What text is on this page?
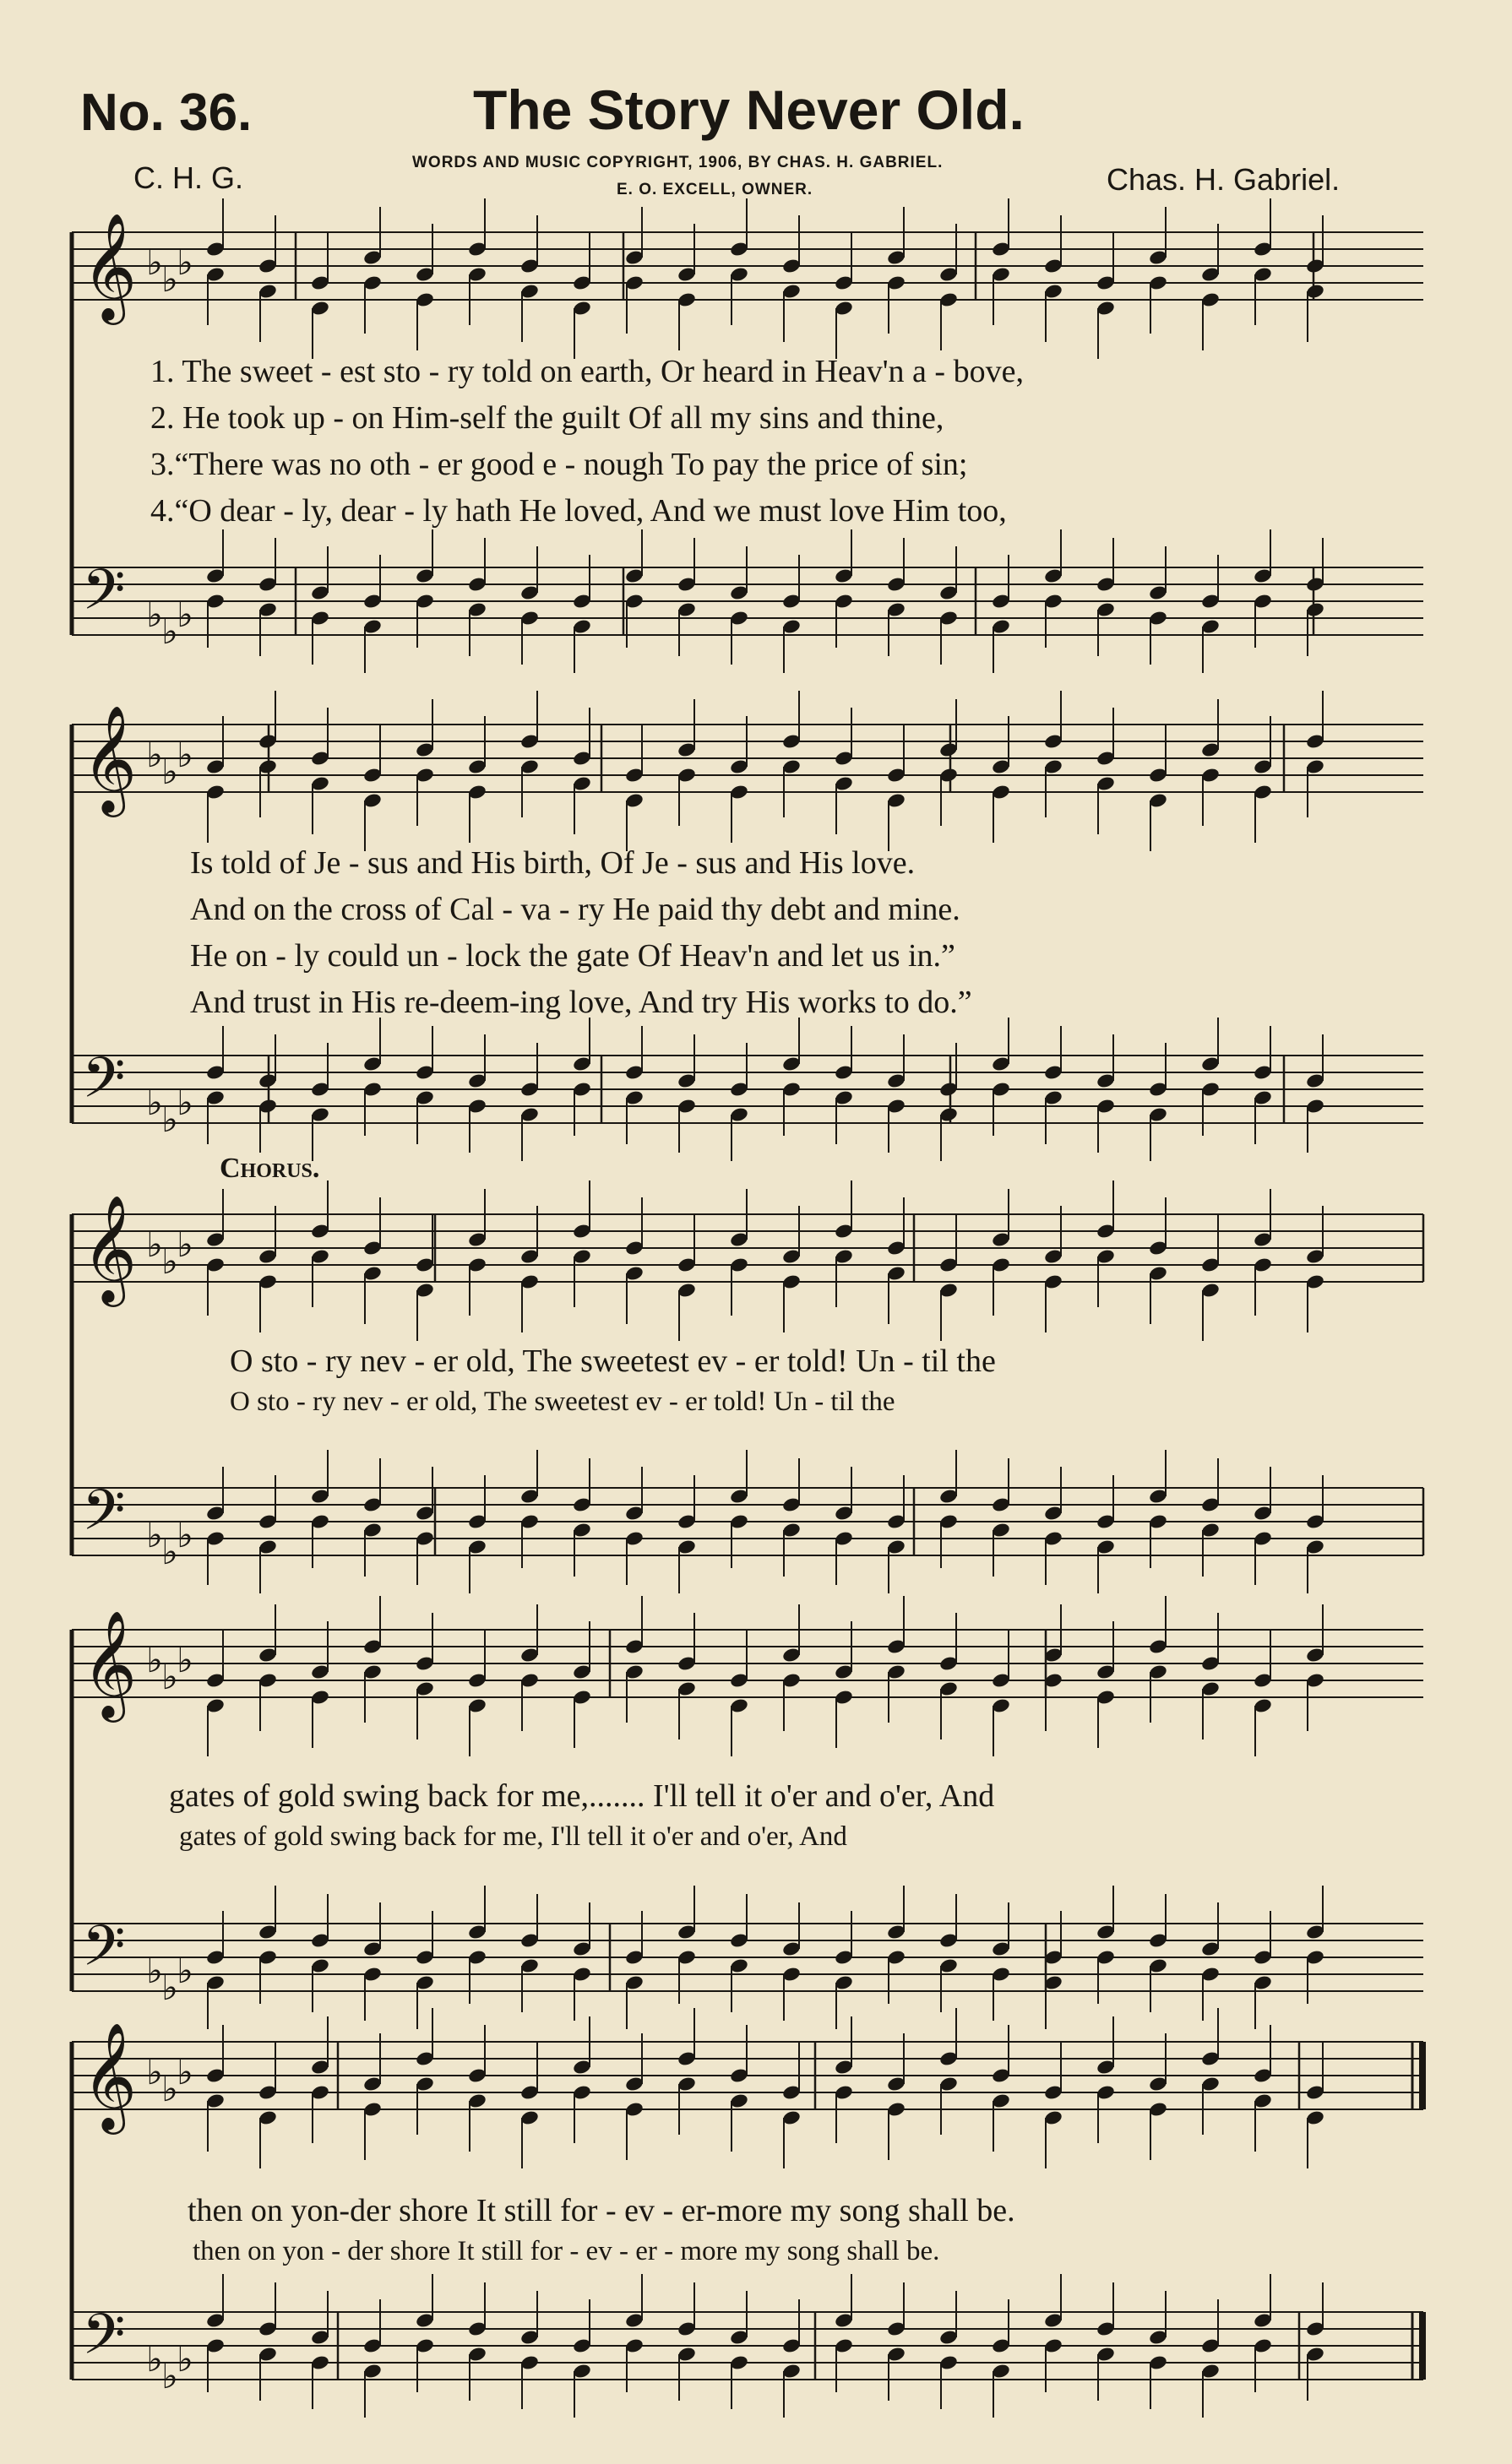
No. 36.	The Story Never Old.
C. H. G.	WORDS AND MUSIC COPYRIGHT, 1906, BY CHAS. H. GABRIEL.
E. O. EXCELL, OWNER.	Chas. H. Gabriel.
𝄞
𝄢
♭
♭
♭
♭
♭
♭
𝄞
𝄢
♭
♭
♭
♭
♭
♭
𝄞
𝄢
♭
♭
♭
♭
♭
♭
𝄞
𝄢
♭
♭
♭
♭
♭
♭
𝄞
𝄢
♭
♭
♭
♭
♭
♭
1. The sweet - est sto - ry told on earth, Or heard in Heav'n a - bove,
2. He took up - on Him-self the guilt Of all my sins and thine,
3.“There was no oth - er good e - nough To pay the price of sin;
4.“O dear - ly, dear - ly hath He loved, And we must love Him too,
Is told of Je - sus and His birth, Of Je - sus and His love.
And on the cross of Cal - va - ry He paid thy debt and mine.
He on - ly could un - lock the gate Of Heav'n and let us in.”
And trust in His re-deem-ing love, And try His works to do.”
Chorus.
O sto - ry nev - er old, The sweetest ev - er told! Un - til the
O sto - ry nev - er old, The sweetest ev - er told! Un - til the
gates of gold swing back for me,....... I'll tell it o'er and o'er, And
gates of gold swing back for me, I'll tell it o'er and o'er, And
then on yon-der shore It still for - ev - er-more my song shall be.
then on yon - der shore It still for - ev - er - more my song shall be.
